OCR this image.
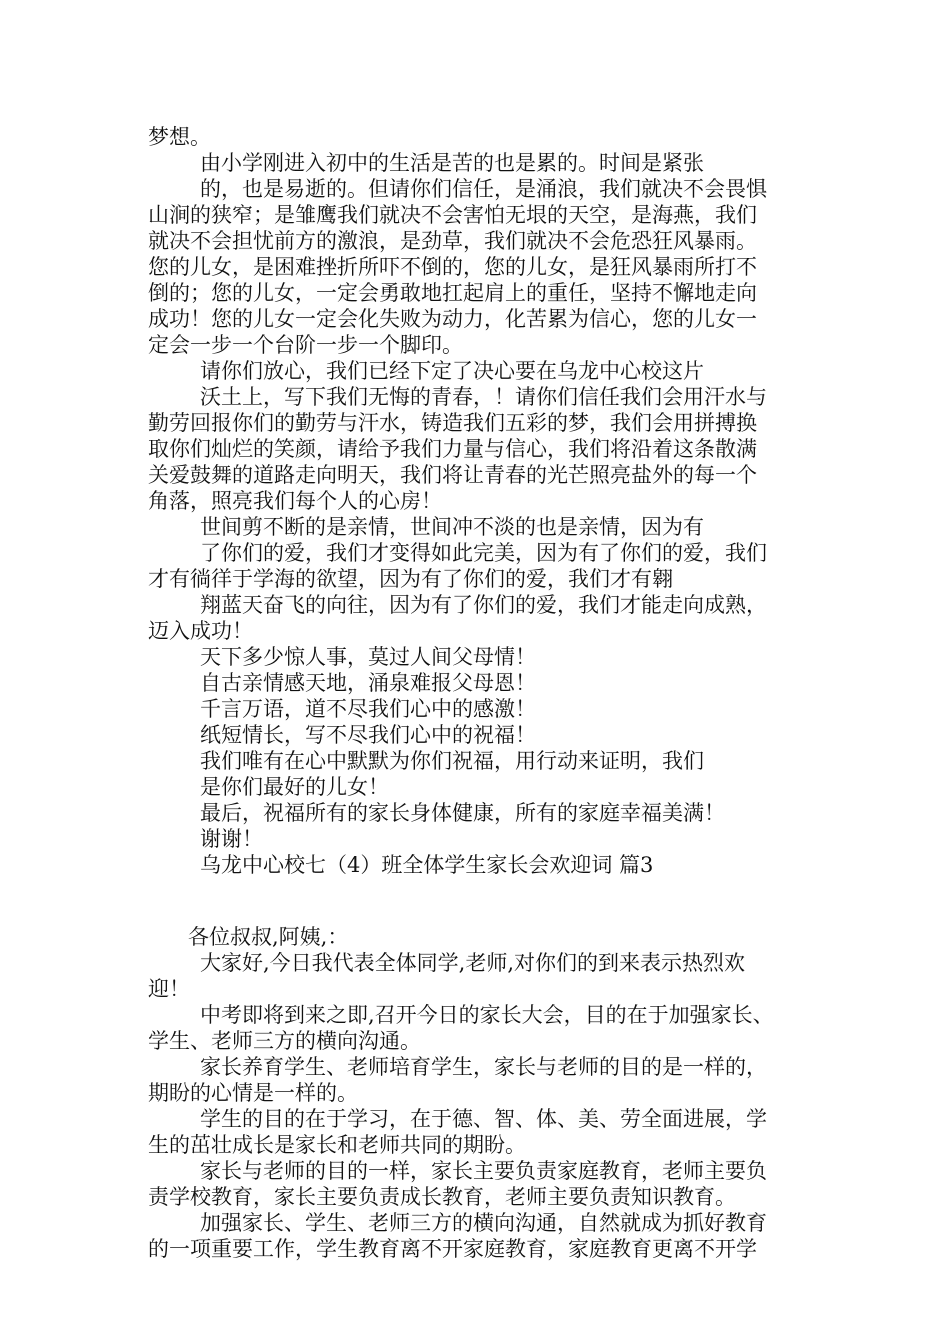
梦想。
由小学刚进入初中的生活是苦的也是累的。时间是紧张
的，也是易逝的。但请你们信任，是涌浪，我们就决不会畏惧
山涧的狭窄；是雏鹰我们就决不会害怕无垠的天空，是海燕，我们
就决不会担忧前方的激浪，是劲草，我们就决不会危恐狂风暴雨。
您的儿女，是困难挫折所吓不倒的，您的儿女，是狂风暴雨所打不
倒的；您的儿女，一定会勇敢地扛起肩上的重任，坚持不懈地走向
成功！您的儿女一定会化失败为动力，化苦累为信心，您的儿女一
定会一步一个台阶一步一个脚印。
请你们放心，我们已经下定了决心要在乌龙中心校这片
沃土上，写下我们无悔的青春，！请你们信任我们会用汗水与
勤劳回报你们的勤劳与汗水，铸造我们五彩的梦，我们会用拼搏换
取你们灿烂的笑颜，请给予我们力量与信心，我们将沿着这条散满
关爱鼓舞的道路走向明天，我们将让青春的光芒照亮盐外的每一个
角落，照亮我们每个人的心房！
世间剪不断的是亲情，世间冲不淡的也是亲情，因为有
了你们的爱，我们才变得如此完美，因为有了你们的爱，我们
才有徜徉于学海的欲望，因为有了你们的爱，我们才有翱
翔蓝天奋飞的向往，因为有了你们的爱，我们才能走向成熟，
迈入成功！
天下多少惊人事，莫过人间父母情！
自古亲情感天地，涌泉难报父母恩！
千言万语，道不尽我们心中的感激！
纸短情长，写不尽我们心中的祝福！
我们唯有在心中默默为你们祝福，用行动来证明，我们
是你们最好的儿女！
最后，祝福所有的家长身体健康，所有的家庭幸福美满！
谢谢！
乌龙中心校七（4）班全体学生家长会欢迎词 篇3
各位叔叔,阿姨,：
大家好,今日我代表全体同学,老师,对你们的到来表示热烈欢
迎！
中考即将到来之即,召开今日的家长大会，目的在于加强家长、
学生、老师三方的横向沟通。
家长养育学生、老师培育学生，家长与老师的目的是一样的，
期盼的心情是一样的。
学生的目的在于学习，在于德、智、体、美、劳全面进展，学
生的茁壮成长是家长和老师共同的期盼。
家长与老师的目的一样，家长主要负责家庭教育，老师主要负
责学校教育，家长主要负责成长教育，老师主要负责知识教育。
加强家长、学生、老师三方的横向沟通，自然就成为抓好教育
的一项重要工作，学生教育离不开家庭教育，家庭教育更离不开学
